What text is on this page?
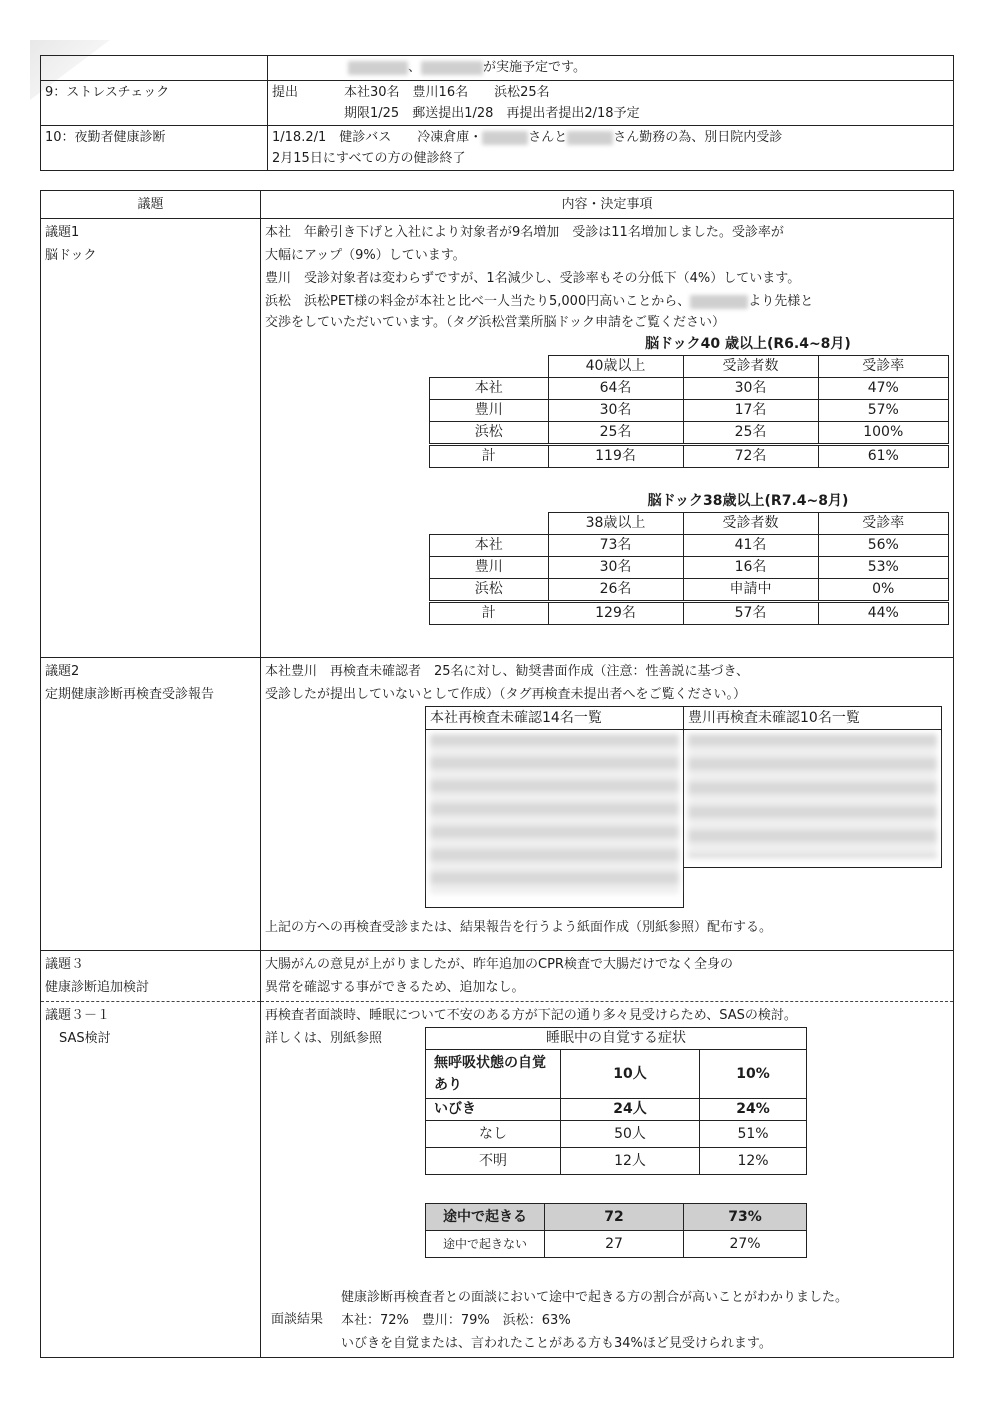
	、 が実施予定です。
9：ストレスチェック	提出 本社30名　豊川16名　　浜松25名
期限1/25　郵送提出1/28　再提出者提出2/18予定

10：夜勤者健康診断	1/18.2/1　健診バス　　冷凍倉庫・ さんと さん勤務の為、別日院内受診
2月15日にすべての方の健診終了
議題	内容・決定事項

議題1
脳ドック

本社　年齢引き下げと入社により対象者が9名増加　受診は11名増加しました。受診率が
大幅にアップ（9%）しています。
豊川　受診対象者は変わらずですが、1名減少し、受診率もその分低下（4%）しています。
浜松　浜松PET様の料金が本社と比べ一人当たり5,000円高いことから、	より先様と
交渉をしていただいています。（タグ浜松営業所脳ドック申請をご覧ください）
脳ドック40 歳以上(R6.4~8月)
	40歳以上	受診者数	受診率
本社	64名	30名	47%
豊川	30名	17名	57%
浜松	25名	25名	100%
計	119名	72名	61%
脳ドック38歳以上(R7.4~8月)
	38歳以上	受診者数	受診率
本社	73名	41名	56%
豊川	30名	16名	53%
浜松	26名	申請中	0%
計	129名	57名	44%

議題2
定期健康診断再検査受診報告

本社豊川　再検査未確認者　25名に対し、勧奨書面作成（注意：性善説に基づき、
受診したが提出していないとして作成）（タグ再検査未提出者へをご覧ください。）
本社再検査未確認14名一覧	豊川再検査未確認10名一覧
上記の方への再検査受診または、結果報告を行うよう紙面作成（別紙参照）配布する。

議題３
健康診断追加検討

大腸がんの意見が上がりましたが、昨年追加のCPR検査で大腸だけでなく全身の
異常を確認する事ができるため、追加なし。

議題３－１
SAS検討

再検査者面談時、睡眠について不安のある方が下記の通り多々見受けらため、SASの検討。
詳しくは、別紙参照	睡眠中の自覚する症状
無呼吸状態の自覚あり	10人	10%
いびき	24人	24%
なし	50人	51%
不明	12人	12%
途中で起きる	72	73%
途中で起きない	27	27%
面談結果
健康診断再検査者との面談において途中で起きる方の割合が高いことがわかりました。
本社：72%　豊川：79%　浜松：63%
いびきを自覚または、言われたことがある方も34%ほど見受けられます。
